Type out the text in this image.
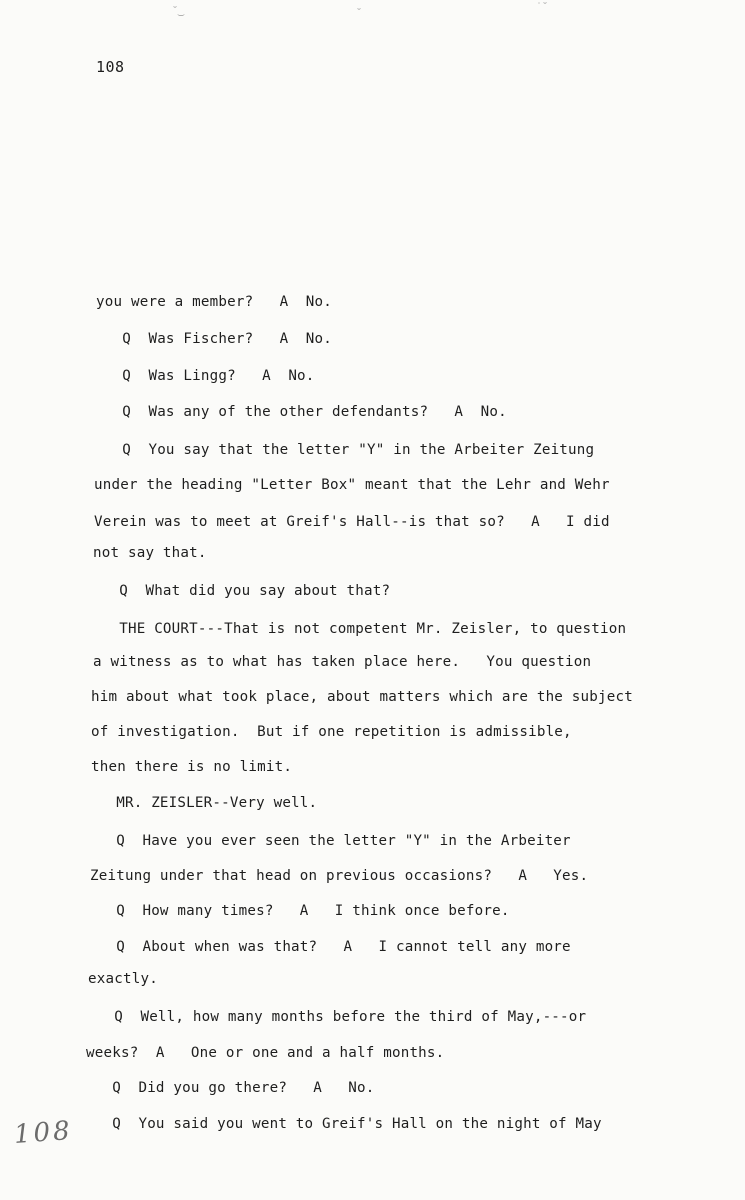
˘‿	˘
˙˘
108
you were a member?   A  No.
Q  Was Fischer?   A  No.
Q  Was Lingg?   A  No.
Q  Was any of the other defendants?   A  No.
Q  You say that the letter "Y" in the Arbeiter Zeitung
under the heading "Letter Box" meant that the Lehr and Wehr
Verein was to meet at Greif's Hall--is that so?   A   I did
not say that.
Q  What did you say about that?
THE COURT---That is not competent Mr. Zeisler, to question
a witness as to what has taken place here.   You question
him about what took place, about matters which are the subject
of investigation.  But if one repetition is admissible,
then there is no limit.
MR. ZEISLER--Very well.
Q  Have you ever seen the letter "Y" in the Arbeiter
Zeitung under that head on previous occasions?   A   Yes.
Q  How many times?   A   I think once before.
Q  About when was that?   A   I cannot tell any more
exactly.
Q  Well, how many months before the third of May,---or
weeks?  A   One or one and a half months.
Q  Did you go there?   A   No.
Q  You said you went to Greif's Hall on the night of May
108
